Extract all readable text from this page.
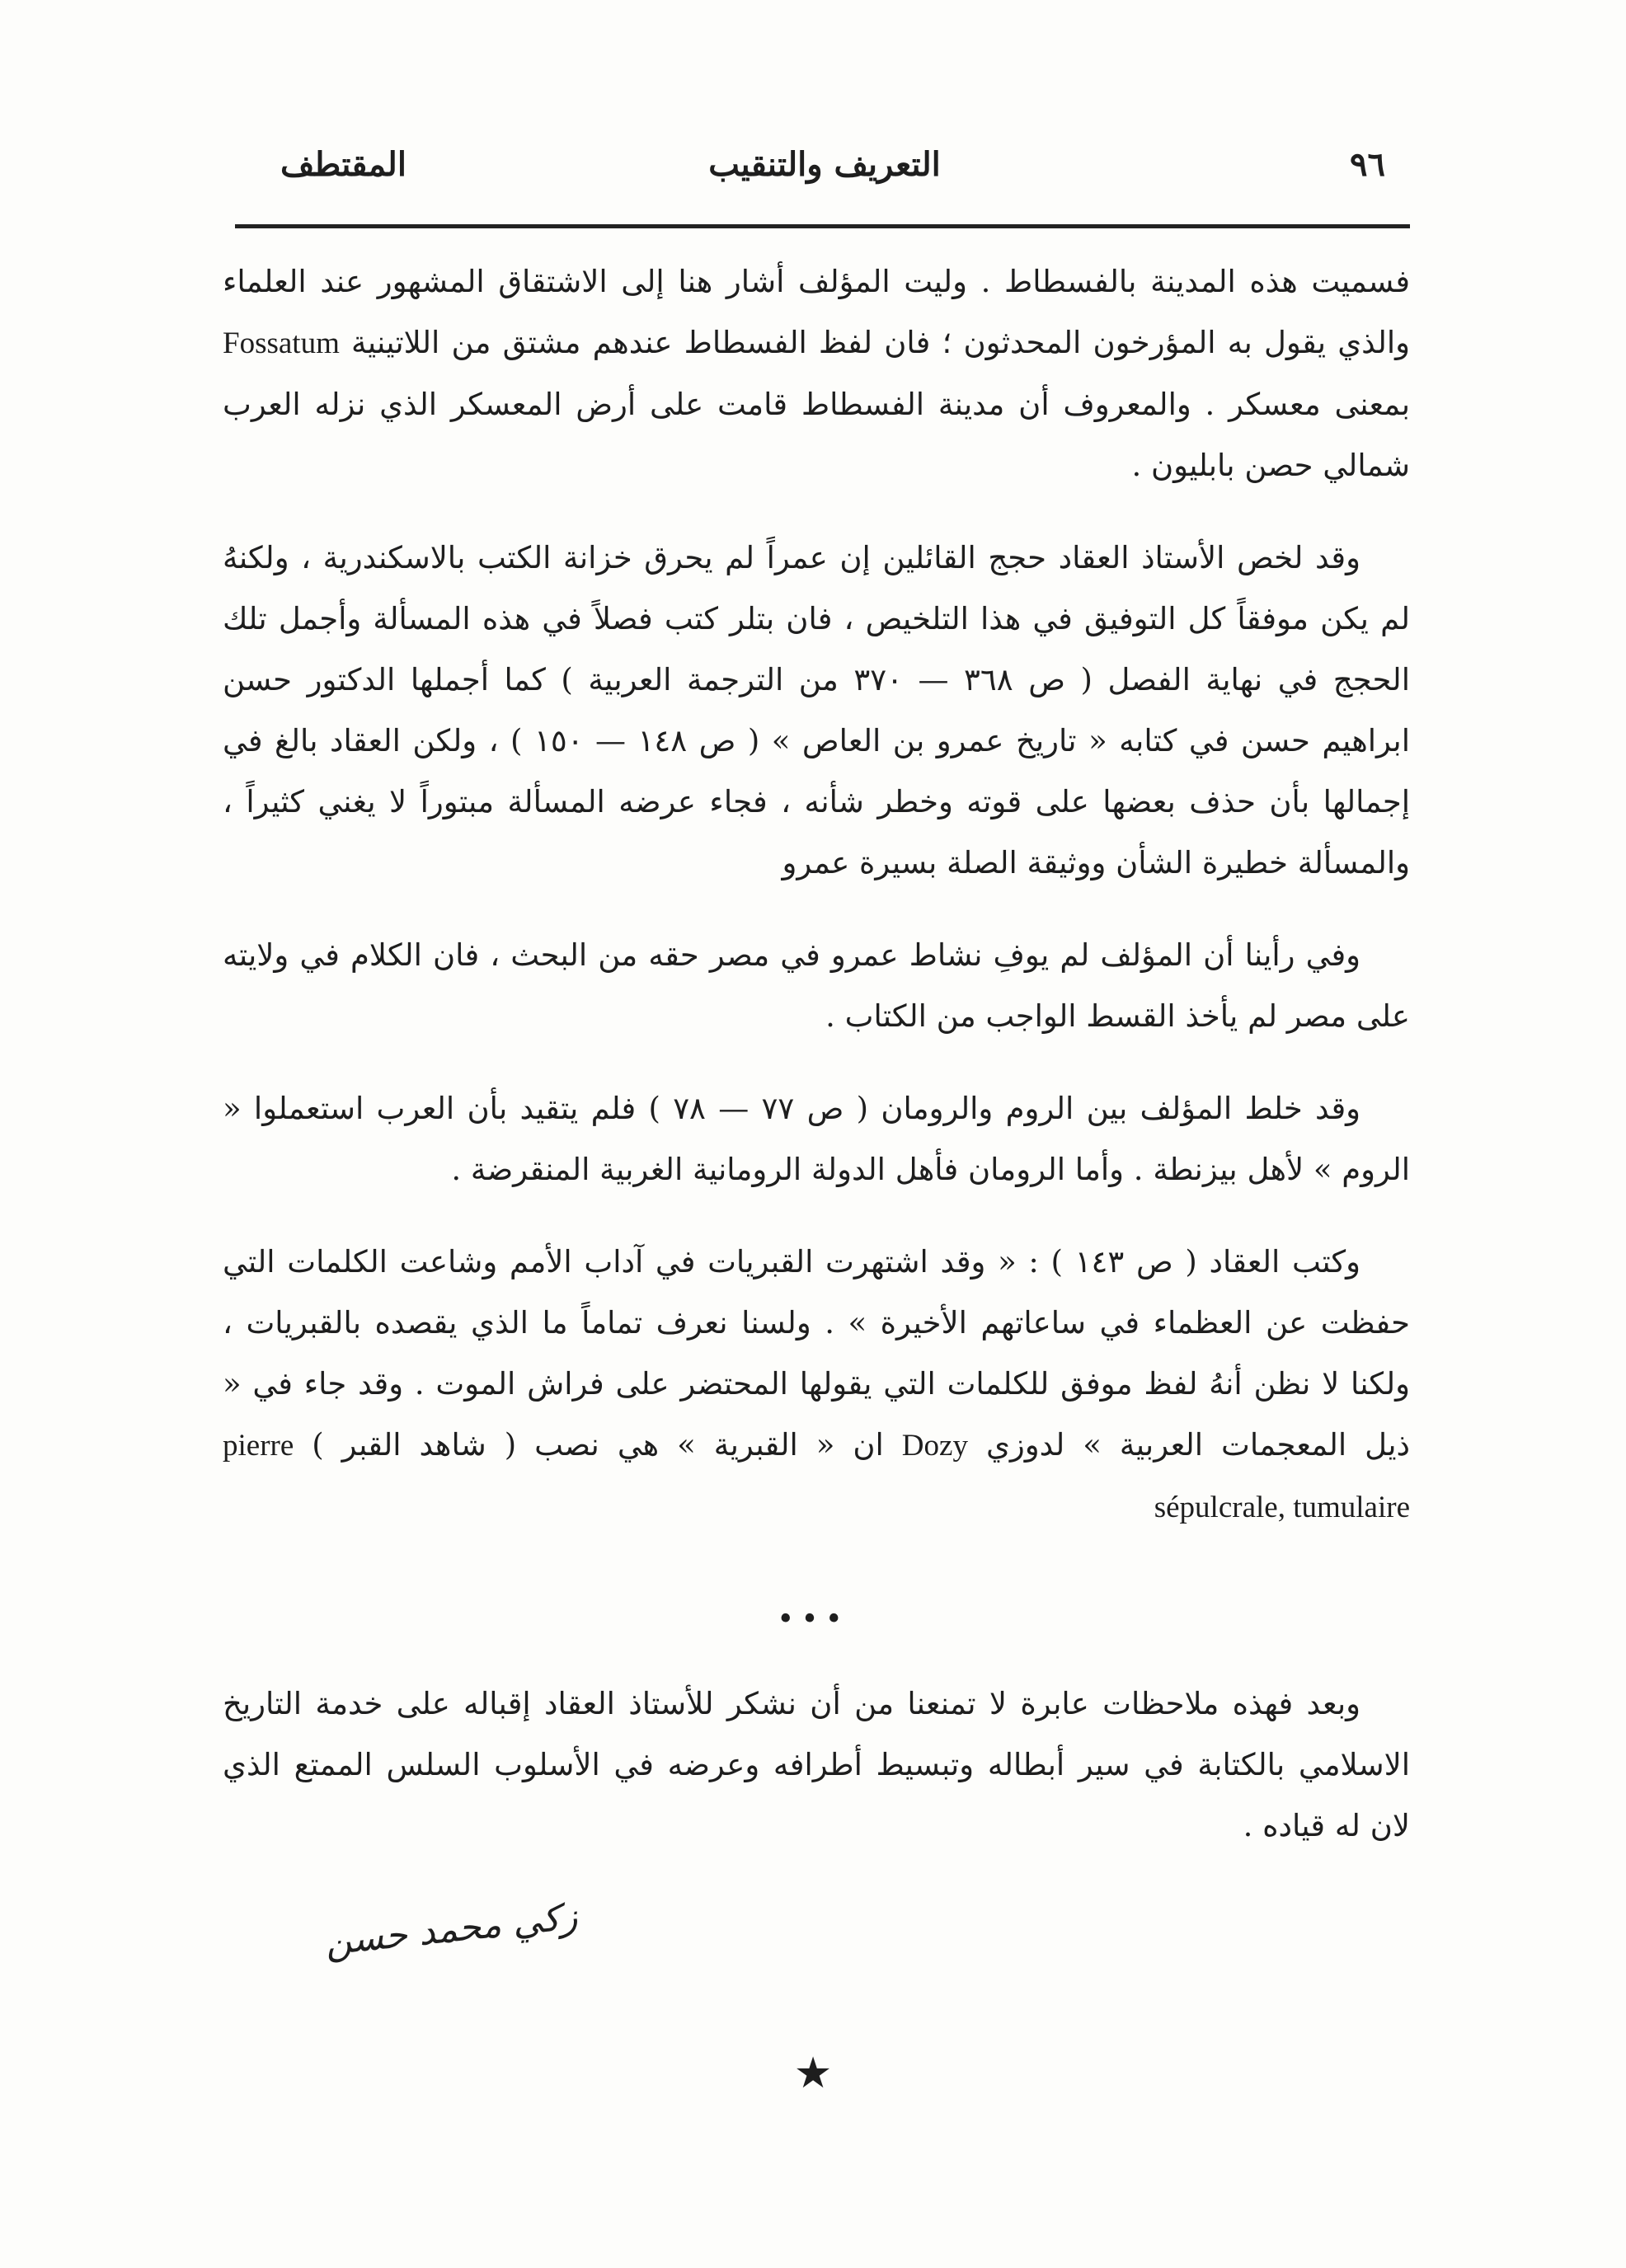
٩٦
التعريف والتنقيب
المقتطف

فسميت هذه المدينة بالفسطاط . وليت المؤلف أشار هنا إلى الاشتقاق المشهور عند العلماء والذي يقول به المؤرخون المحدثون ؛ فان لفظ الفسطاط عندهم مشتق من اللاتينية Fossatum بمعنى معسكر . والمعروف أن مدينة الفسطاط قامت على أرض المعسكر الذي نزله العرب شمالي حصن بابليون .

وقد لخص الأستاذ العقاد حجج القائلين إن عمراً لم يحرق خزانة الكتب بالاسكندرية ، ولكنهُ لم يكن موفقاً كل التوفيق في هذا التلخيص ، فان بتلر كتب فصلاً في هذه المسألة وأجمل تلك الحجج في نهاية الفصل ( ص ٣٦٨ — ٣٧٠ من الترجمة العربية ) كما أجملها الدكتور حسن ابراهيم حسن في كتابه « تاريخ عمرو بن العاص » ( ص ١٤٨ — ١٥٠ ) ، ولكن العقاد بالغ في إجمالها بأن حذف بعضها على قوته وخطر شأنه ، فجاء عرضه المسألة مبتوراً لا يغني كثيراً ، والمسألة خطيرة الشأن ووثيقة الصلة بسيرة عمرو

وفي رأينا أن المؤلف لم يوفِ نشاط عمرو في مصر حقه من البحث ، فان الكلام في ولايته على مصر لم يأخذ القسط الواجب من الكتاب .

وقد خلط المؤلف بين الروم والرومان ( ص ٧٧ — ٧٨ ) فلم يتقيد بأن العرب استعملوا « الروم » لأهل بيزنطة . وأما الرومان فأهل الدولة الرومانية الغربية المنقرضة .

وكتب العقاد ( ص ١٤٣ ) : « وقد اشتهرت القبريات في آداب الأمم وشاعت الكلمات التي حفظت عن العظماء في ساعاتهم الأخيرة » . ولسنا نعرف تماماً ما الذي يقصده بالقبريات ، ولكنا لا نظن أنهُ لفظ موفق للكلمات التي يقولها المحتضر على فراش الموت . وقد جاء في « ذيل المعجمات العربية » لدوزي Dozy ان « القبرية » هي نصب ( شاهد القبر ) pierre sépulcrale, tumulaire

•••

وبعد فهذه ملاحظات عابرة لا تمنعنا من أن نشكر للأستاذ العقاد إقباله على خدمة التاريخ الاسلامي بالكتابة في سير أبطاله وتبسيط أطرافه وعرضه في الأسلوب السلس الممتع الذي لان له قياده .

زكي محمد حسن
★
